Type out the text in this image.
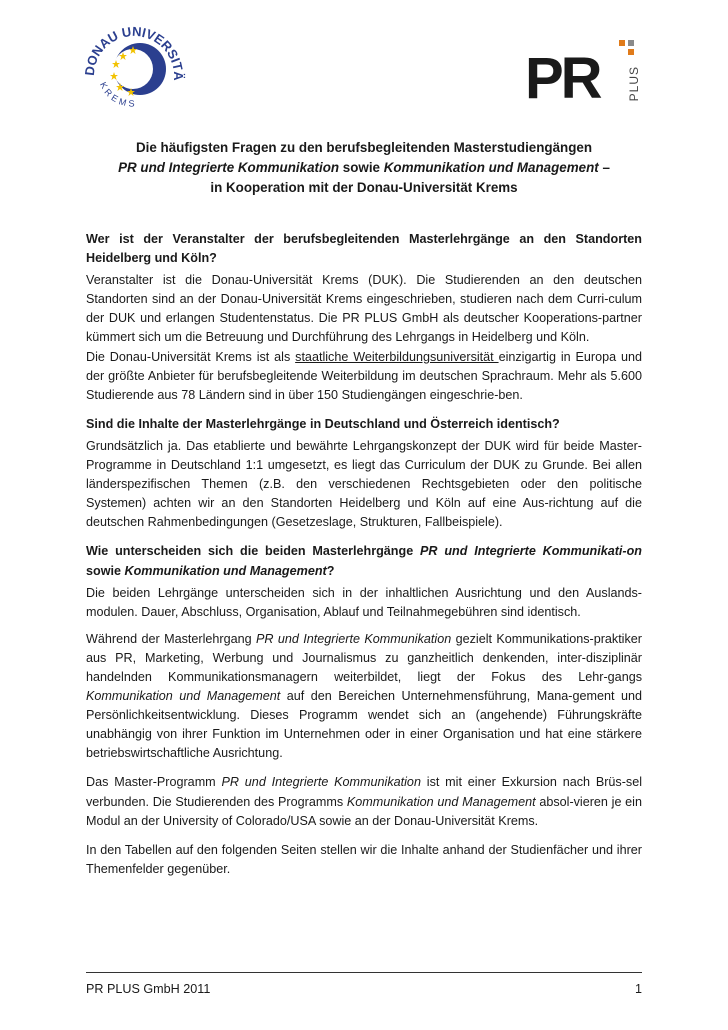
DONAU UNIVERSITÄ
KREMS	PR PLUS
Die häufigsten Fragen zu den berufsbegleitenden Masterstudiengängen
PR und Integrierte Kommunikation sowie Kommunikation und Management –
in Kooperation mit der Donau-Universität Krems
Wer ist der Veranstalter der berufsbegleitenden Masterlehrgänge an den Standorten Heidelberg und Köln?
Veranstalter ist die Donau-Universität Krems (DUK). Die Studierenden an den deutschen Standorten sind an der Donau-Universität Krems eingeschrieben, studieren nach dem Curri-culum der DUK und erlangen Studentenstatus. Die PR PLUS GmbH als deutscher Kooperations-partner kümmert sich um die Betreuung und Durchführung des Lehrgangs in Heidelberg und Köln.
Die Donau-Universität Krems ist als staatliche Weiterbildungsuniversität einzigartig in Europa und der größte Anbieter für berufsbegleitende Weiterbildung im deutschen Sprachraum. Mehr als 5.600 Studierende aus 78 Ländern sind in über 150 Studiengängen eingeschrie-ben.
Sind die Inhalte der Masterlehrgänge in Deutschland und Österreich identisch?
Grundsätzlich ja. Das etablierte und bewährte Lehrgangskonzept der DUK wird für beide Master-Programme in Deutschland 1:1 umgesetzt, es liegt das Curriculum der DUK zu Grunde. Bei allen länderspezifischen Themen (z.B. den verschiedenen Rechtsgebieten oder den politische Systemen) achten wir an den Standorten Heidelberg und Köln auf eine Aus-richtung auf die deutschen Rahmenbedingungen (Gesetzeslage, Strukturen, Fallbeispiele).
Wie unterscheiden sich die beiden Masterlehrgänge PR und Integrierte Kommunikati-on sowie Kommunikation und Management?
Die beiden Lehrgänge unterscheiden sich in der inhaltlichen Ausrichtung und den Auslands-modulen. Dauer, Abschluss, Organisation, Ablauf und Teilnahmegebühren sind identisch.
Während der Masterlehrgang PR und Integrierte Kommunikation gezielt Kommunikations-praktiker aus PR, Marketing, Werbung und Journalismus zu ganzheitlich denkenden, inter-disziplinär handelnden Kommunikationsmanagern weiterbildet, liegt der Fokus des Lehr-gangs Kommunikation und Management auf den Bereichen Unternehmensführung, Mana-gement und Persönlichkeitsentwicklung. Dieses Programm wendet sich an (angehende) Führungskräfte unabhängig von ihrer Funktion im Unternehmen oder in einer Organisation und hat eine stärkere betriebswirtschaftliche Ausrichtung.
Das Master-Programm PR und Integrierte Kommunikation ist mit einer Exkursion nach Brüs-sel verbunden. Die Studierenden des Programms Kommunikation und Management absol-vieren je ein Modul an der University of Colorado/USA sowie an der Donau-Universität Krems.
In den Tabellen auf den folgenden Seiten stellen wir die Inhalte anhand der Studienfächer und ihrer Themenfelder gegenüber.
PR PLUS GmbH 2011	1
